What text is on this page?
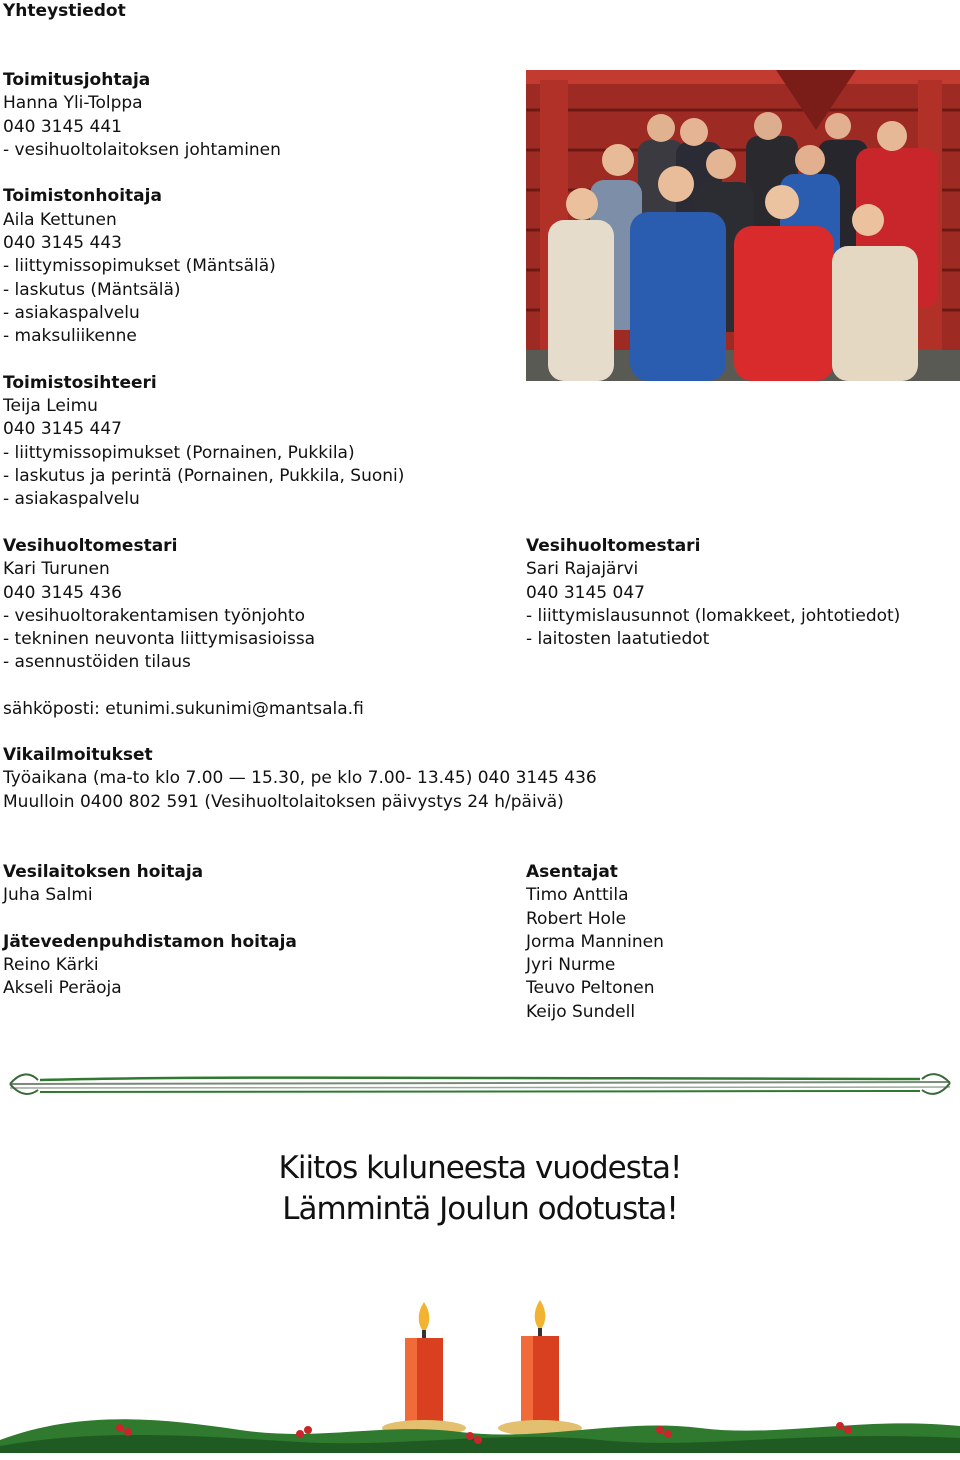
Yhteystiedot
Toimitusjohtaja
Hanna Yli-Tolppa
040 3145 441
- vesihuoltolaitoksen johtaminen
Toimistonhoitaja
Aila Kettunen
040 3145 443
- liittymissopimukset (Mäntsälä)
- laskutus (Mäntsälä)
- asiakaspalvelu
- maksuliikenne
Toimistosihteeri
Teija Leimu
040 3145 447
- liittymissopimukset (Pornainen, Pukkila)
- laskutus ja perintä (Pornainen, Pukkila, Suoni)
- asiakaspalvelu
Vesihuoltomestari
Kari Turunen
040 3145 436
- vesihuoltorakentamisen työnjohto
- tekninen neuvonta liittymisasioissa
- asennustöiden tilaus
Vesihuoltomestari
Sari Rajajärvi
040 3145 047
- liittymislausunnot (lomakkeet, johtotiedot)
- laitosten laatutiedot
sähköposti: etunimi.sukunimi@mantsala.fi
Vikailmoitukset
Työaikana (ma-to klo 7.00 — 15.30, pe klo 7.00- 13.45) 040 3145 436
Muulloin 0400 802 591 (Vesihuoltolaitoksen päivystys 24 h/päivä)
Vesilaitoksen hoitaja
Juha Salmi
Jätevedenpuhdistamon hoitaja
Reino Kärki
Akseli Peräoja
Asentajat
Timo Anttila
Robert Hole
Jorma Manninen
Jyri Nurme
Teuvo Peltonen
Keijo Sundell
Kiitos kuluneesta vuodesta!
Lämmintä Joulun odotusta!
